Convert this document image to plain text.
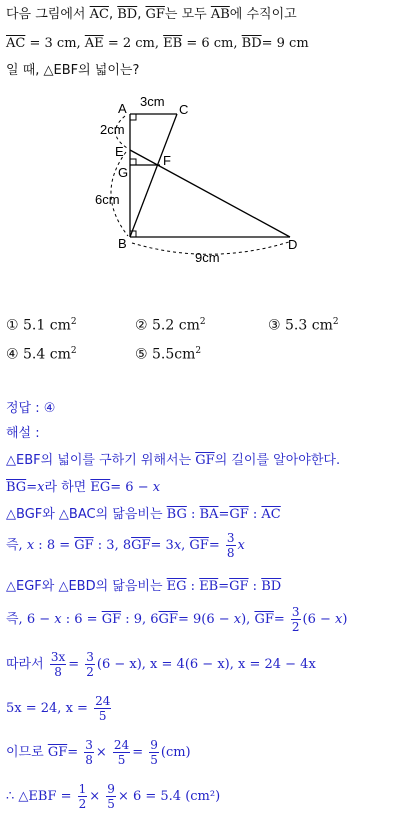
다음 그림에서 $\overline{AC}$, $\overline{BD}$, $\overline{GF}$는 모두 $\overline{AB}$에 수직이고
$\overline{AC} = 3$ cm, $\overline{AE} = 2$ cm, $\overline{EB} = 6$ cm, $\overline{BD}= 9$ cm
일 때, △EBF의 넓이는?
A	C
E
F
G
B	D
3cm
2cm
6cm
9cm
① 5.1 $cm^2$	② 5.2 $cm^2$	③ 5.3 $cm^2$
④ 5.4 $cm^2$	⑤ $5.5cm^2$
정답 : ④
해설 :
△EBF의 넓이를 구하기 위해서는 $\overline{GF}$의 길이를 알아야한다.
$\overline{BG}=x$라 하면 $\overline{EG}= 6 - x$
△BGF와 △BAC의 닮음비는 $\overline{BG}$ : $\overline{BA}=\overline{GF}$ : $\overline{AC}$
즉, x : $8 = \overline{GF}$ : 3, $8\overline{GF}= 3x$, $\overline{GF}= \frac{3}{8}$ x
△EGF와 △EBD의 닮음비는 $\overline{EG}$ : $\overline{EB}=\overline{GF}$ : $\overline{BD}$
즉, 6 − x : $6 = \overline{GF}$ : 9, $6\overline{GF}= 9(6 - x)$, $\overline{GF}= \frac{3}{2} (6 - x)$
따라서 $\frac{3x}{8} = \frac{3}{2} (6 - x)$, x = 4(6 − x), x = 24 − 4x
5x = 24, $x = \frac{24}{5}$
이므로 $\overline{GF}= \frac{3}{8} \times \frac{24}{5} = \frac{9}{5} (cm)$
∴ △EBF = $\frac{1}{2} \times \frac{9}{5} \times 6 = 5.4$ (cm²)
